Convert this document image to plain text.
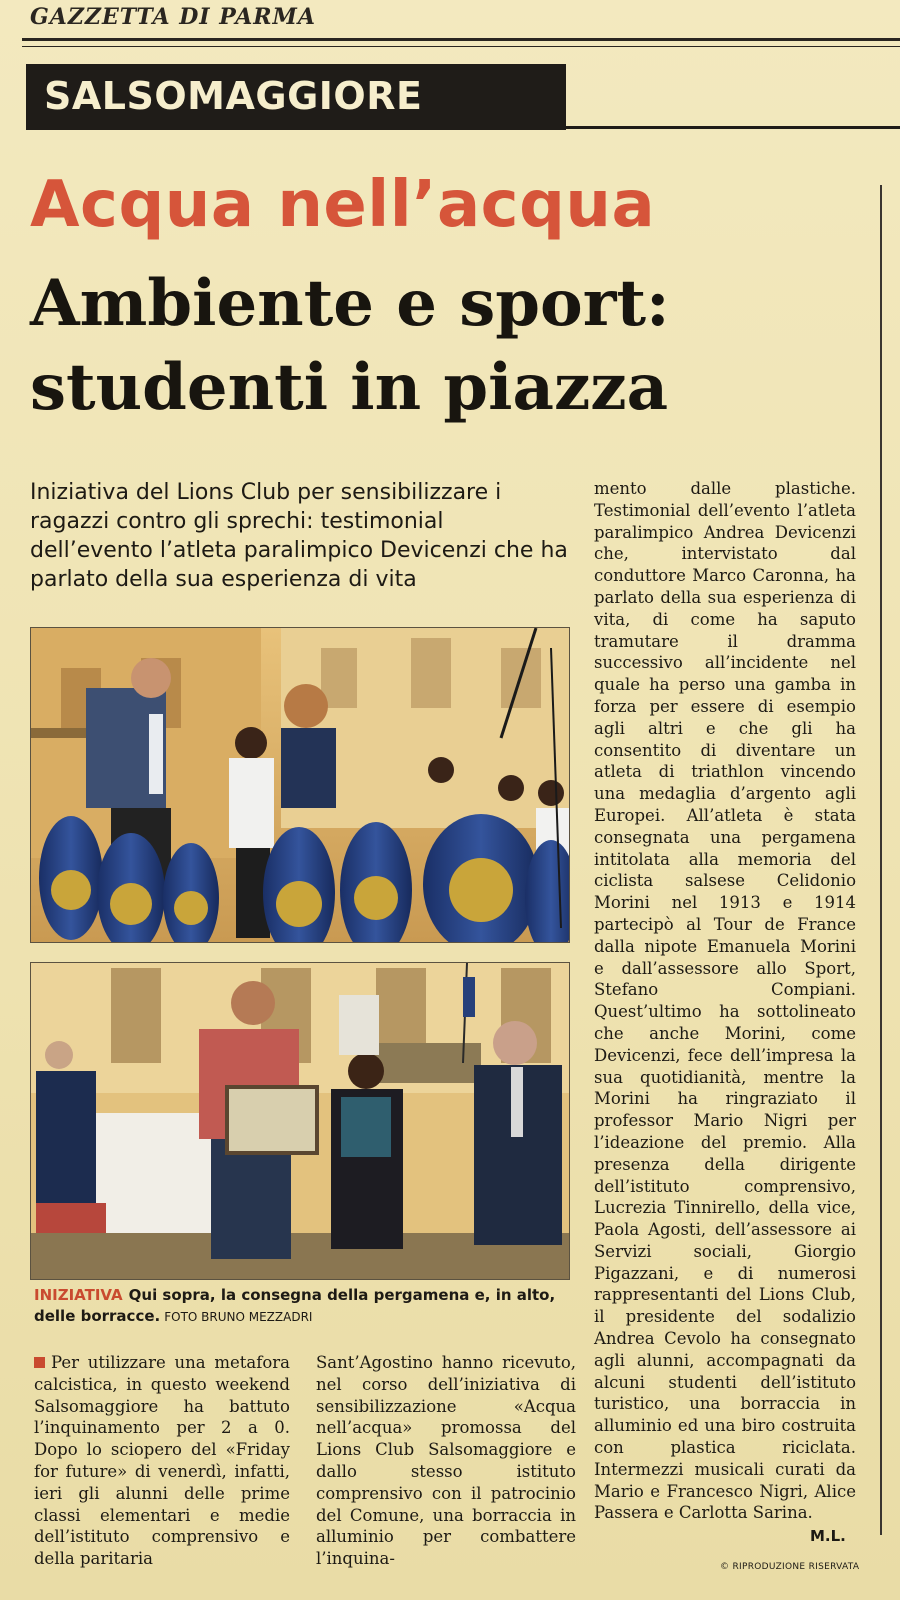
GAZZETTA DI PARMA
SALSOMAGGIORE
Acqua nell’acqua
Ambiente e sport:
studenti in piazza
Iniziativa del Lions Club per sensibilizzare i ragazzi contro gli sprechi: testimonial dell’evento l’atleta paralimpico Devicenzi che ha parlato della sua esperienza di vita
INIZIATIVA Qui sopra, la consegna della pergamena e, in alto, delle borracce. FOTO BRUNO MEZZADRI
mento dalle plastiche. Testimonial dell’evento l’atleta paralimpico Andrea Devicenzi che, intervistato dal conduttore Marco Caronna, ha parlato della sua esperienza di vita, di come ha saputo tramutare il dramma successivo all’incidente nel quale ha perso una gamba in forza per essere di esempio agli altri e che gli ha consentito di diventare un atleta di triathlon vincendo una medaglia d’argento agli Europei. All’atleta è stata consegnata una pergamena intitolata alla memoria del ciclista salsese Celidonio Morini nel 1913 e 1914 partecipò al Tour de France dalla nipote Emanuela Morini e dall’assessore allo Sport, Stefano Compiani. Quest’ultimo ha sottolineato che anche Morini, come Devicenzi, fece dell’impresa la sua quotidianità, mentre la Morini ha ringraziato il professor Mario Nigri per l’ideazione del premio. Alla presenza della dirigente dell’istituto comprensivo, Lucrezia Tinnirello, della vice, Paola Agosti, dell’assessore ai Servizi sociali, Giorgio Pigazzani, e di numerosi rappresentanti del Lions Club, il presidente del sodalizio Andrea Cevolo ha consegnato agli alunni, accompagnati da alcuni studenti dell’istituto turistico, una borraccia in alluminio ed una biro costruita con plastica riciclata. Intermezzi musicali curati da Mario e Francesco Nigri, Alice Passera e Carlotta Sarina.
Per utilizzare una metafora calcistica, in questo weekend Salsomaggiore ha battuto l’inquinamento per 2 a 0. Dopo lo sciopero del «Friday for future» di venerdì, infatti, ieri gli alunni delle prime classi elementari e medie dell’istituto comprensivo e della paritaria
Sant’Agostino hanno ricevuto, nel corso dell’iniziativa di sensibilizzazione «Acqua nell’acqua» promossa del Lions Club Salsomaggiore e dallo stesso istituto comprensivo con il patrocinio del Comune, una borraccia in alluminio per combattere l’inquina-
M.L.
© RIPRODUZIONE RISERVATA
